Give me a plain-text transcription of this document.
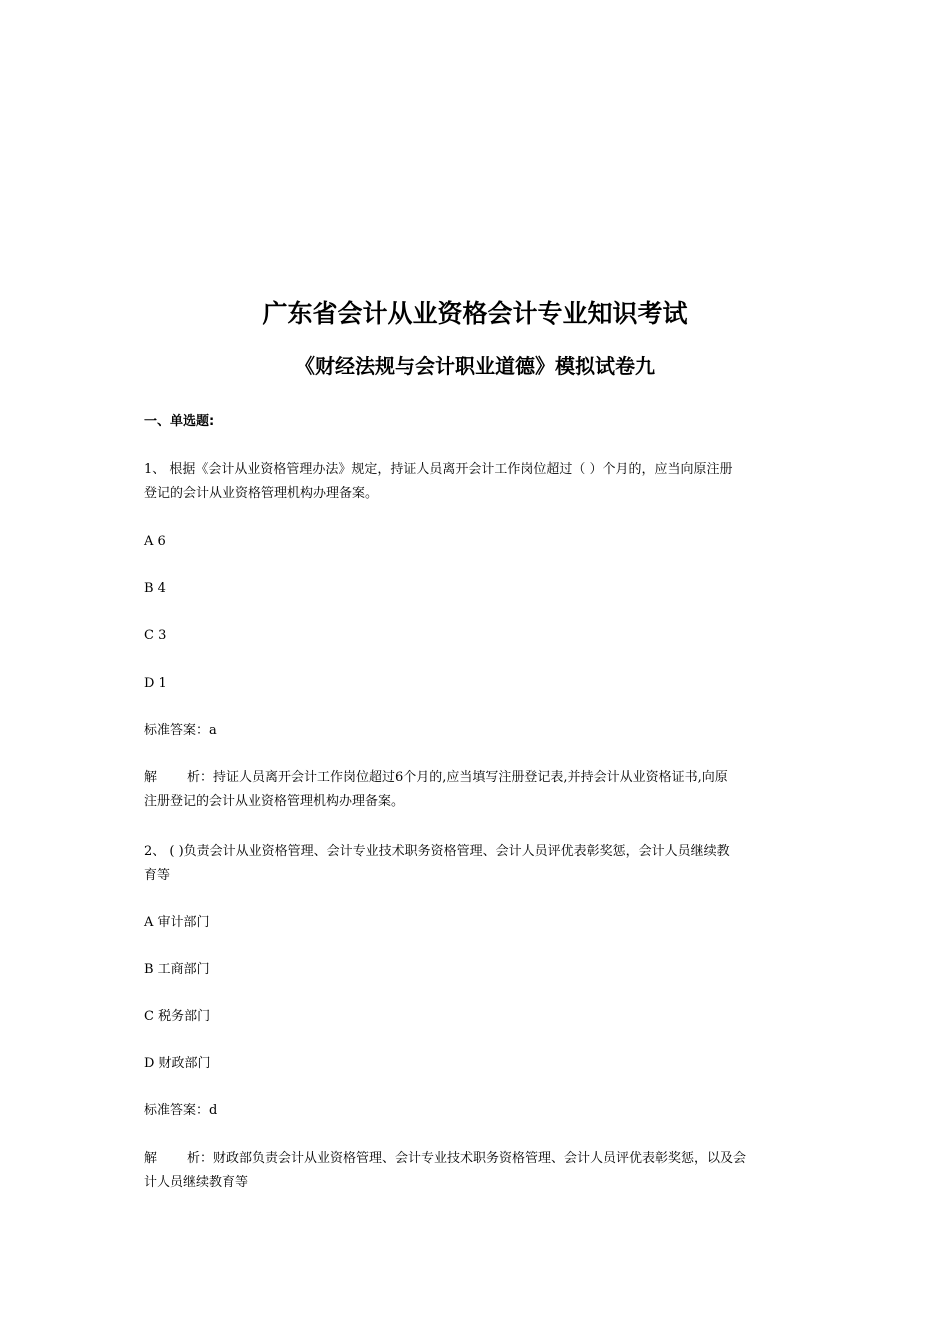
广东省会计从业资格会计专业知识考试
《财经法规与会计职业道德》模拟试卷九
一、单选题:
1、 根据《会计从业资格管理办法》规定，持证人员离开会计工作岗位超过（ ）个月的，应当向原注册
登记的会计从业资格管理机构办理备案。
A 6
B 4
C 3
D 1
标准答案：a
解 析：持证人员离开会计工作岗位超过6个月的,应当填写注册登记表,并持会计从业资格证书,向原
注册登记的会计从业资格管理机构办理备案。
2、 ( )负责会计从业资格管理、会计专业技术职务资格管理、会计人员评优表彰奖惩，会计人员继续教
育等
A 审计部门
B 工商部门
C 税务部门
D 财政部门
标准答案：d
解 析：财政部负责会计从业资格管理、会计专业技术职务资格管理、会计人员评优表彰奖惩，以及会
计人员继续教育等
